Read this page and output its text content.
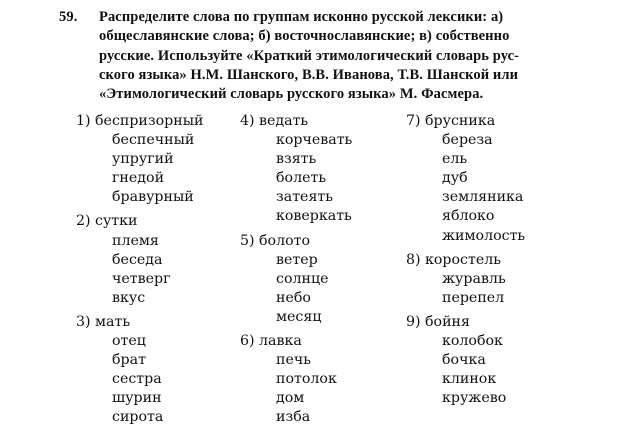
59.	Распределите слова по группам исконно русской лексики: а)
общеславянские слова; б) восточнославянские; в) собственно
русские. Используйте «Краткий этимологический словарь рус-
ского языка» Н.М. Шанского, В.В. Иванова, Т.В. Шанской или
«Этимологический словарь русского языка» М. Фасмера.
1) беспризорный
беспечный
упругий
гнедой
бравурный
2) сутки
племя
беседа
четверг
вкус
3) мать
отец
брат
сестра
шурин
сирота
4) ведать
корчевать
взять
болеть
затеять
коверкать
5) болото
ветер
солнце
небо
месяц
6) лавка
печь
потолок
дом
изба
7) брусника
береза
ель
дуб
земляника
яблоко
жимолость
8) коростель
журавль
перепел
9) бойня
колобок
бочка
клинок
кружево
